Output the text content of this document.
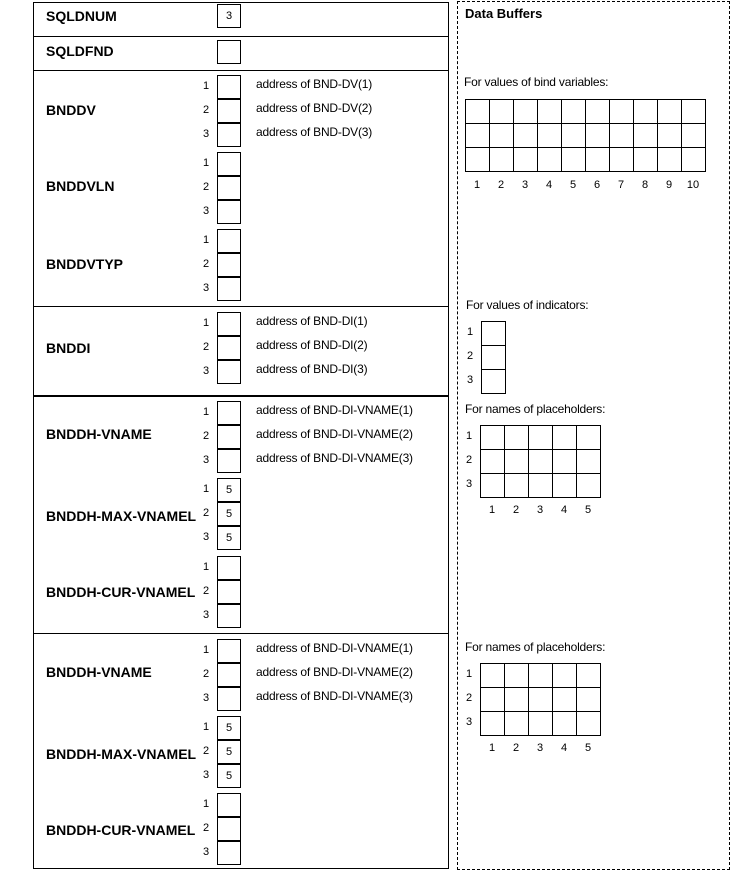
Data Buffers
SQLDNUM	3
SQLDFND
BNDDV
1	address of BND-DV(1)
2	address of BND-DV(2)
3	address of BND-DV(3)
BNDDVLN
1
2
3
BNDDVTYP
1
2
3
BNDDI
1	address of BND-DI(1)
2	address of BND-DI(2)
3	address of BND-DI(3)
BNDDH-VNAME
1	address of BND-DI-VNAME(1)
2	address of BND-DI-VNAME(2)
3	address of BND-DI-VNAME(3)
BNDDH-MAX-VNAMEL
1	5
2	5
3	5
BNDDH-CUR-VNAMEL
1
2
3
BNDDH-VNAME
1	address of BND-DI-VNAME(1)
2	address of BND-DI-VNAME(2)
3	address of BND-DI-VNAME(3)
BNDDH-MAX-VNAMEL
1	5
2	5
3	5
BNDDH-CUR-VNAMEL
1
2
3
For values of bind variables:
1	2	3	4	5	6	7	8	9	10
For values of indicators:
1
2
3
For names of placeholders:
1
2
3
1	2	3	4	5
For names of placeholders:
1
2
3
1	2	3	4	5
